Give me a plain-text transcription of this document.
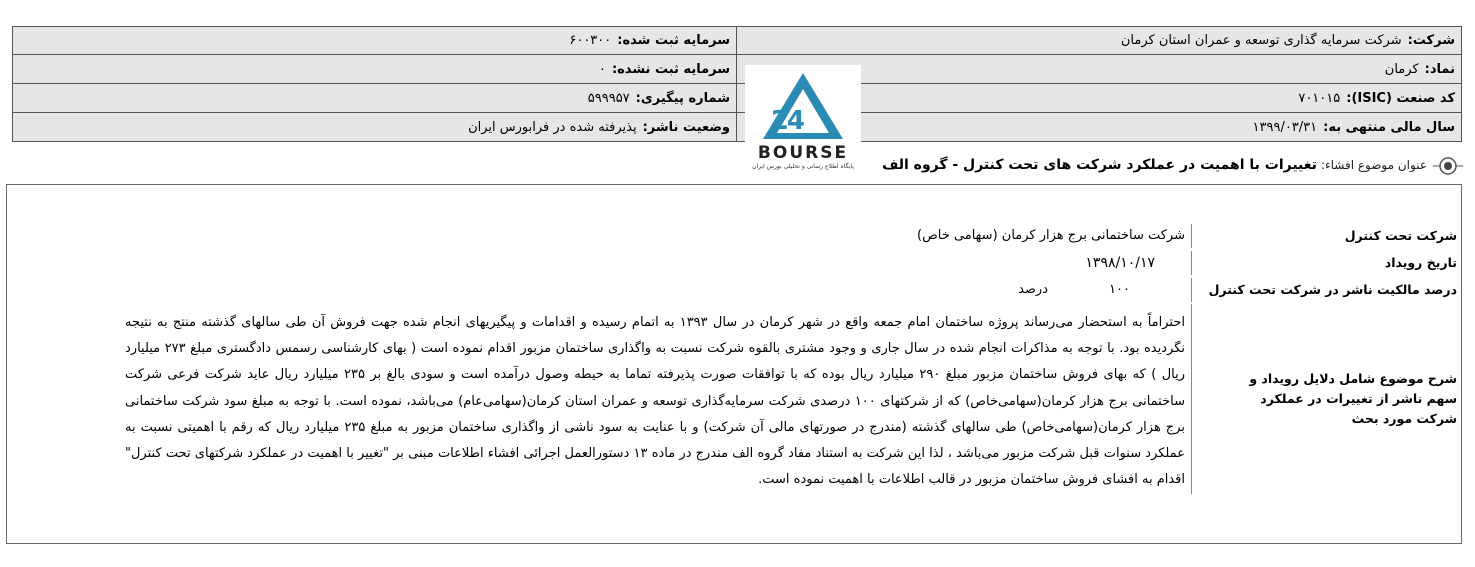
شرکت:شرکت سرمایه گذاری توسعه و عمران استان کرمان
نماد:کرمان
کد صنعت (ISIC):۷۰۱۰۱۵
سال مالی منتهی به:۱۳۹۹/۰۳/۳۱
سرمایه ثبت شده:۶۰۰۳۰۰
سرمایه ثبت نشده:۰
شماره پیگیری:۵۹۹۹۵۷
وضعیت ناشر:پذیرفته شده در فرابورس ایران	2
4
BOURSE
پایگاه اطلاع رسانی و تحلیلی بورس ایران	عنوان موضوع افشاء:تغییرات با اهمیت در عملکرد شرکت های تحت کنترل - گروه الف
شرکت تحت کنترل
شرکت ساختمانی برج هزار کرمان (سهامی خاص)
تاریخ رویداد
۱۳۹۸/۱۰/۱۷
درصد مالکیت ناشر در شرکت تحت کنترل
۱۰۰
درصد
شرح موضوع شامل دلایل رویداد و سهم ناشر از تغییرات در عملکرد شرکت مورد بحث
احتراماً به استحضار می‌رساند پروژه ساختمان امام جمعه واقع در شهر کرمان در سال ۱۳۹۳ به اتمام رسیده و اقدامات و پیگیریهای انجام شده جهت فروش آن طی سالهای گذشته منتج به نتیجه نگردیده بود. با توجه به مذاکرات انجام شده در سال جاری و وجود مشتری بالقوه شرکت نسبت به واگذاری ساختمان مزبور اقدام نموده است ( بهای کارشناسی رسمس دادگستری مبلغ ۲۷۳ میلیارد ریال ) که بهای فروش ساختمان مزبور مبلغ ۲۹۰ میلیارد ریال بوده که با توافقات صورت پذیرفته تماما به حیطه وصول درآمده است و سودی بالغ بر ۲۳۵ میلیارد ریال عاید شرکت فرعی شرکت ساختمانی برج هزار کرمان(سهامی‌خاص) که از شرکتهای ۱۰۰ درصدی شرکت سرمایه‌گذاری توسعه و عمران استان کرمان(سهامی‌عام) می‌باشد، نموده است. با توجه به مبلغ سود شرکت ساختمانی برج هزار کرمان(سهامی‌خاص) طی سالهای گذشته (مندرج در صورتهای مالی آن شرکت) و با عنایت به سود ناشی از واگذاری ساختمان مزبور به مبلغ ۲۳۵ میلیارد ریال که رقم با اهمیتی نسبت به عملکرد سنوات قبل شرکت مزبور می‌باشد ، لذا این شرکت به استناد مفاد گروه الف مندرج در ماده ۱۳ دستورالعمل اجرائی افشاء اطلاعات مبنی بر "تغییر با اهمیت در عملکرد شرکتهای تحت کنترل" اقدام به افشای فروش ساختمان مزبور در قالب اطلاعات با اهمیت نموده است.
